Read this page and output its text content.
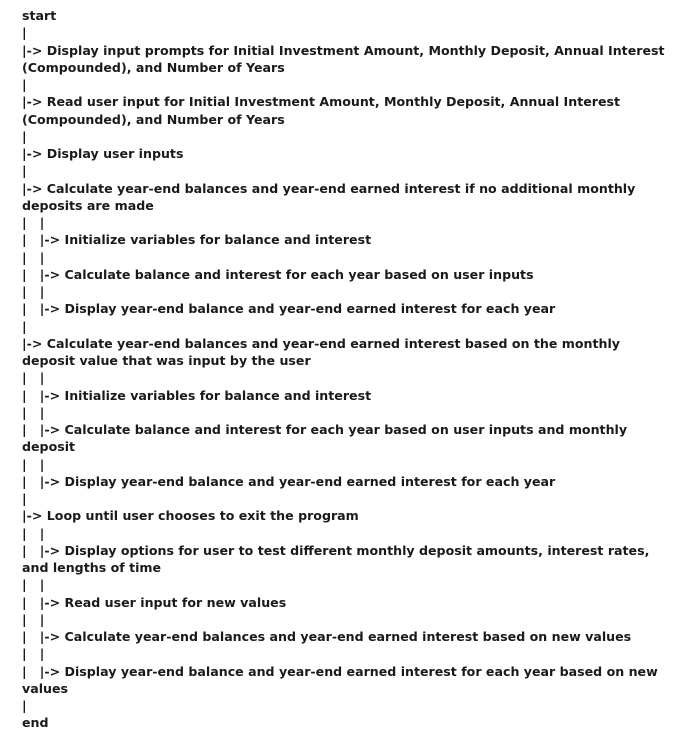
start
|
|-> Display input prompts for Initial Investment Amount, Monthly Deposit, Annual Interest (Compounded), and Number of Years
|
|-> Read user input for Initial Investment Amount, Monthly Deposit, Annual Interest (Compounded), and Number of Years
|
|-> Display user inputs
|
|-> Calculate year-end balances and year-end earned interest if no additional monthly deposits are made
|   |
|   |-> Initialize variables for balance and interest
|   |
|   |-> Calculate balance and interest for each year based on user inputs
|   |
|   |-> Display year-end balance and year-end earned interest for each year
|
|-> Calculate year-end balances and year-end earned interest based on the monthly deposit value that was input by the user
|   |
|   |-> Initialize variables for balance and interest
|   |
|   |-> Calculate balance and interest for each year based on user inputs and monthly deposit
|   |
|   |-> Display year-end balance and year-end earned interest for each year
|
|-> Loop until user chooses to exit the program
|   |
|   |-> Display options for user to test different monthly deposit amounts, interest rates, and lengths of time
|   |
|   |-> Read user input for new values
|   |
|   |-> Calculate year-end balances and year-end earned interest based on new values
|   |
|   |-> Display year-end balance and year-end earned interest for each year based on new values
|
end
